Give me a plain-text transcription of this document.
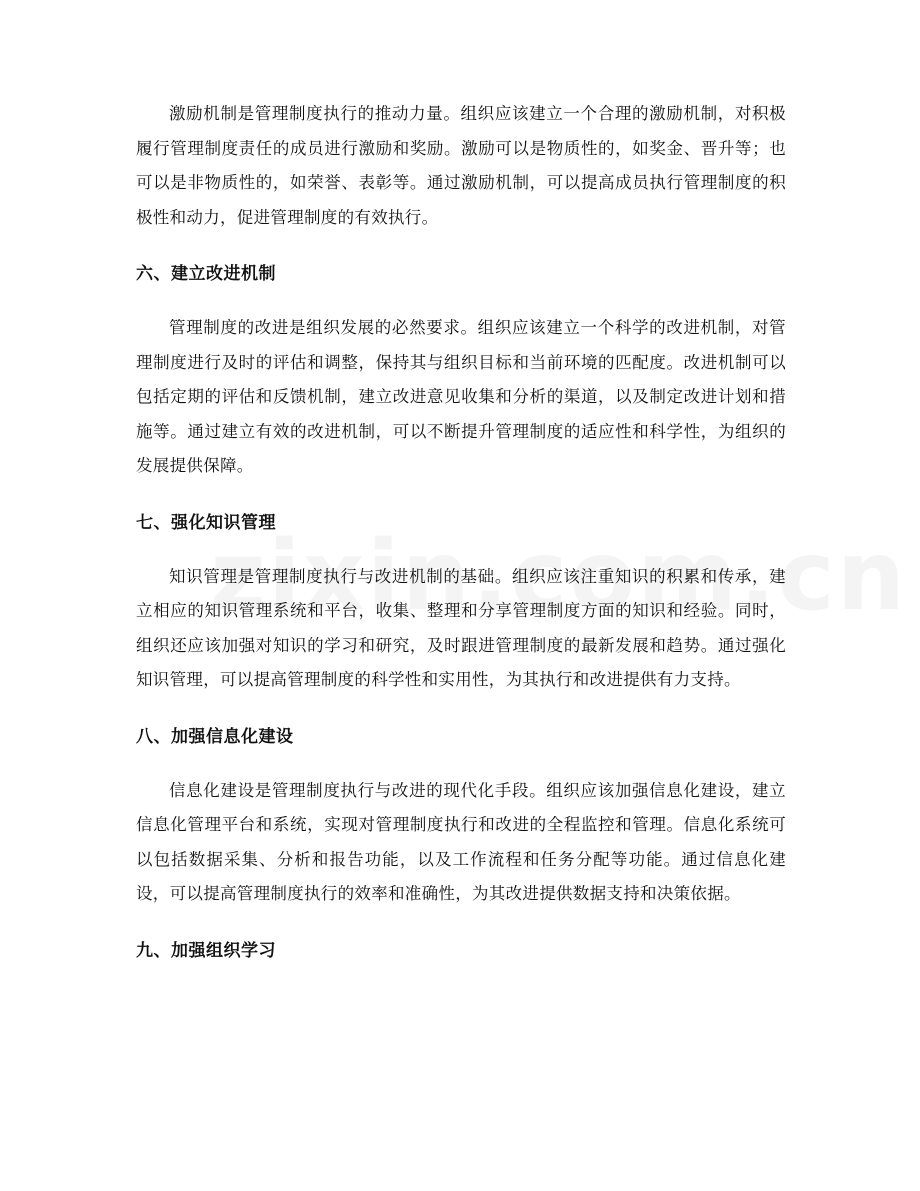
激励机制是管理制度执行的推动力量。组织应该建立一个合理的激励机制，对积极履行管理制度责任的成员进行激励和奖励。激励可以是物质性的，如奖金、晋升等；也可以是非物质性的，如荣誉、表彰等。通过激励机制，可以提高成员执行管理制度的积极性和动力，促进管理制度的有效执行。

六、建立改进机制

管理制度的改进是组织发展的必然要求。组织应该建立一个科学的改进机制，对管理制度进行及时的评估和调整，保持其与组织目标和当前环境的匹配度。改进机制可以包括定期的评估和反馈机制，建立改进意见收集和分析的渠道，以及制定改进计划和措施等。通过建立有效的改进机制，可以不断提升管理制度的适应性和科学性，为组织的发展提供保障。

七、强化知识管理

知识管理是管理制度执行与改进机制的基础。组织应该注重知识的积累和传承，建立相应的知识管理系统和平台，收集、整理和分享管理制度方面的知识和经验。同时，组织还应该加强对知识的学习和研究，及时跟进管理制度的最新发展和趋势。通过强化知识管理，可以提高管理制度的科学性和实用性，为其执行和改进提供有力支持。

八、加强信息化建设

信息化建设是管理制度执行与改进的现代化手段。组织应该加强信息化建设，建立信息化管理平台和系统，实现对管理制度执行和改进的全程监控和管理。信息化系统可以包括数据采集、分析和报告功能，以及工作流程和任务分配等功能。通过信息化建设，可以提高管理制度执行的效率和准确性，为其改进提供数据支持和决策依据。

九、加强组织学习
